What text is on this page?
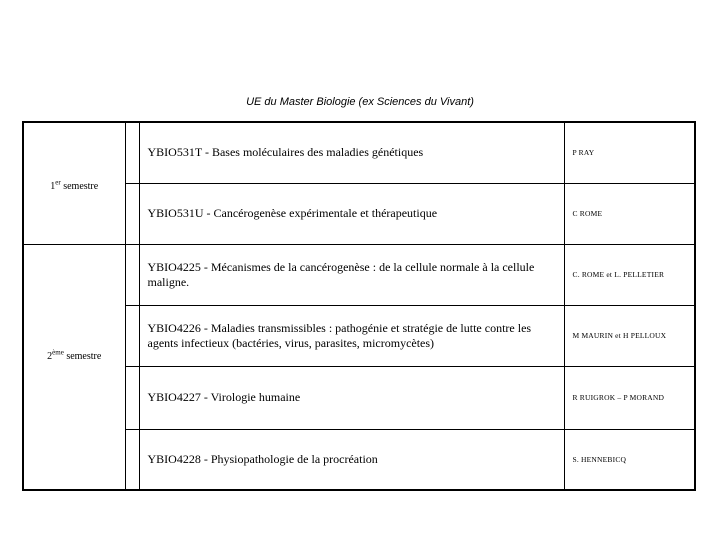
UE du Master Biologie (ex Sciences du Vivant)
1er semestre		YBIO531T - Bases moléculaires des maladies génétiques	P RAY
		YBIO531U - Cancérogenèse expérimentale et thérapeutique	C ROME
2ème semestre		YBIO4225 - Mécanismes de la cancérogenèse : de la cellule normale à la cellule maligne.	C. ROME et L. PELLETIER
		YBIO4226 - Maladies transmissibles : pathogénie et stratégie de lutte contre les agents infectieux (bactéries, virus, parasites, micromycètes)	M MAURIN et H PELLOUX
		YBIO4227 - Virologie humaine	R RUIGROK – P MORAND
		YBIO4228 - Physiopathologie de la procréation	S. HENNEBICQ
